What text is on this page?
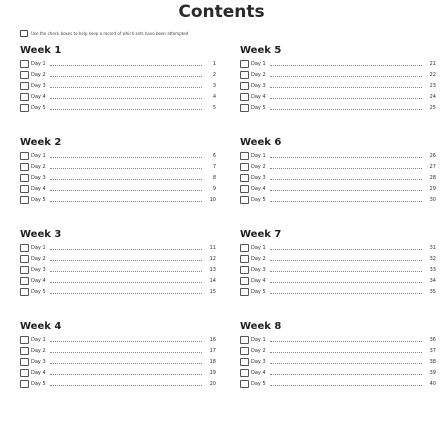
Contents
Use the check boxes to help keep a record of which sets have been attempted
Week 1
Day 1	1
Day 2	2
Day 3	3
Day 4	4
Day 5	5
Week 2
Day 1	6
Day 2	7
Day 3	8
Day 4	9
Day 5	10
Week 3
Day 1	11
Day 2	12
Day 3	13
Day 4	14
Day 5	15
Week 4
Day 1	16
Day 2	17
Day 3	18
Day 4	19
Day 5	20
Week 5
Day 1	21
Day 2	22
Day 3	23
Day 4	24
Day 5	25
Week 6
Day 1	26
Day 2	27
Day 3	28
Day 4	29
Day 5	30
Week 7
Day 1	31
Day 2	32
Day 3	33
Day 4	34
Day 5	35
Week 8
Day 1	36
Day 2	37
Day 3	38
Day 4	39
Day 5	40
